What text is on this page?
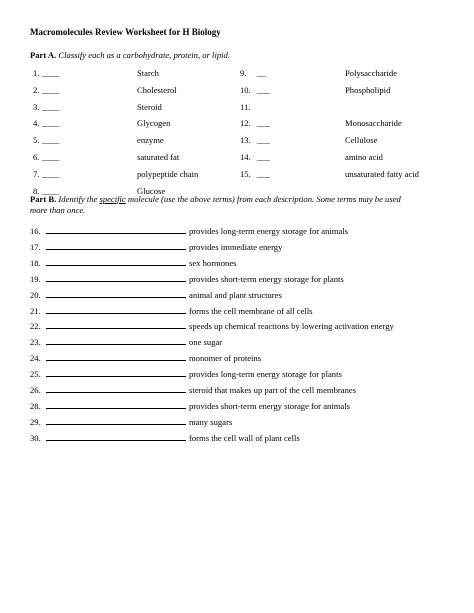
Macromolecules Review Worksheet for H Biology
Part A. Classify each as a carbohydrate, protein, or lipid.
1. ____	Starch
2. ____	Cholesterol
3. ____	Steroid
4. ____	Glycogen
5. ____	enzyme
6. ____	saturated fat
7. ____	polypeptide chain
8. ____	Glucose
9. __	Polysaccharide
10. ___	Phospholipid
11.
12. ___	Monosaccharide
13. ___	Cellulose
14. ___	amino acid
15. ___	unsaturated fatty acid
Part B. Identify the specific molecule (use the above terms) from each description. Some terms may be used
more than once.
16.	provides long-term energy storage for animals
17.	provides immediate energy
18.	sex hormones
19.	provides short-term energy storage for plants
20.	animal and plant structures
21.	forms the cell membrane of all cells
22.	speeds up chemical reactions by lowering activation energy
23.	one sugar
24.	monomer of proteins
25.	provides long-term energy storage for plants
26.	steroid that makes up part of the cell membranes
28.	provides short-term energy storage for animals
29.	many sugars
30.	forms the cell wall of plant cells
